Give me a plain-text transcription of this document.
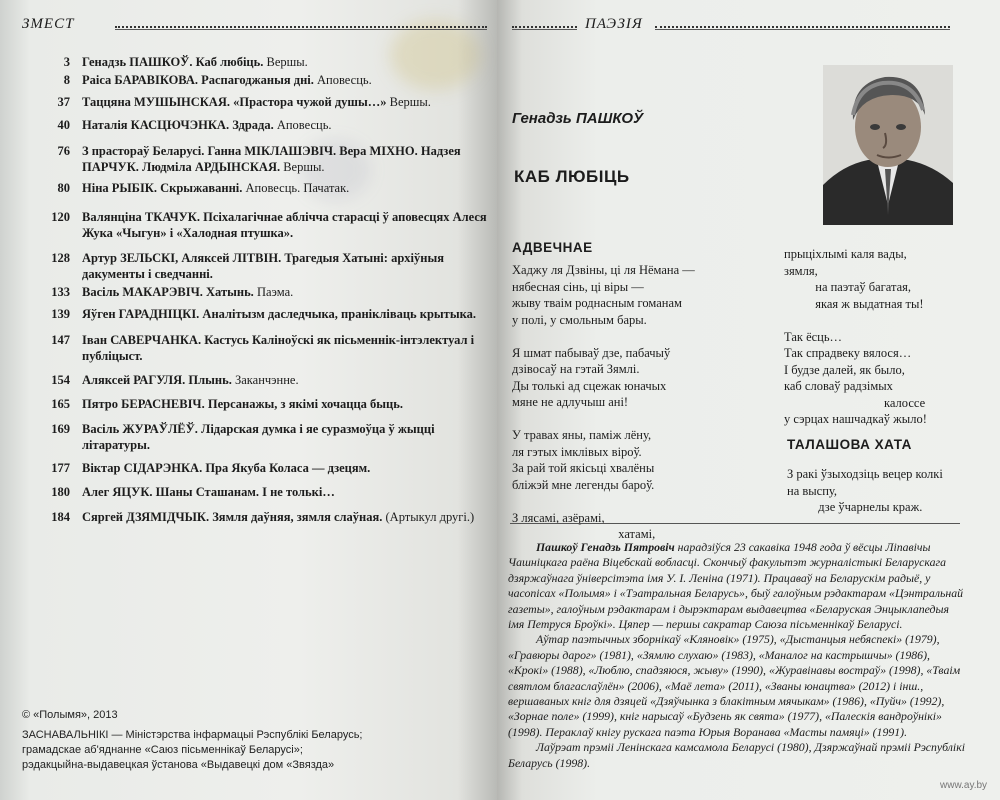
ЗМЕСТ
3 Генадзь ПАШКОЎ. Каб любіць. Вершы.
8 Раіса БАРАВІКОВА. Распагоджаныя дні. Аповесць.
37 Таццяна МУШЫНСКАЯ. «Прастора чужой душы…» Вершы.
40 Наталія КАСЦЮЧЭНКА. Здрада. Аповесць.
76 З прастораў Беларусі. Ганна МІКЛАШЭВІЧ. Вера МІХНО. Надзея ПАРЧУК. Людміла АРДЫНСКАЯ. Вершы.
80 Ніна РЫБІК. Скрыжаванні. Аповесць. Пачатак.
120 Валянціна ТКАЧУК. Псіхалагічнае абліччa старасці ў аповесцях Алеся Жука «Чыгун» і «Халодная птушка».
128 Артур ЗЕЛЬСКІ, Аляксей ЛІТВІН. Трагедыя Хатыні: архіўныя дакументы і сведчанні.
133 Васіль МАКАРЭВІЧ. Хатынь. Паэма.
139 Яўген ГАРАДНІЦКІ. Аналітызм даследчыка, пранікліваць крытыка.
147 Іван САВЕРЧАНКА. Кастусь Каліноўскі як пісьменнік-інтэлектуал і публіцыст.
154 Аляксей РАГУЛЯ. Плынь. Заканчэнне.
165 Пятро БЕРАСНЕВІЧ. Персанажы, з якімі хочацца быць.
169 Васіль ЖУРАЎЛЁЎ. Лідарская думка і яе суразмоўца ў жыцці літаратуры.
177 Віктар СІДАРЭНКА. Пра Якуба Коласа — дзецям.
180 Алег ЯЦУК. Шаны Сташанам. І не толькі…
184 Сяргей ДЗЯМІДЧЫК. Зямля даўняя, зямля слаўная. (Артыкул другі.)
© «Полымя», 2013
ЗАСНАВАЛЬНІКІ — Міністэрства інфармацыі Рэспублікі Беларусь;
грамадскае аб'яднанне «Саюз пісьменнікаў Беларусі»;
рэдакцыйна-выдавецкая ўстанова «Выдавецкі дом «Звязда»
ПАЭЗІЯ
Генадзь ПАШКОЎ
КАБ ЛЮБІЦЬ
АДВЕЧНАЕ
Хаджу ля Дзвіны, ці ля Нёмана —
нябесная сінь, ці віры —
жыву тваім роднасным гоманам
у полі, у смольным бары.
Я шмат пабываў дзе, пабачыў
дзівосаў на гэтай Зямлі.
Ды толькі ад сцежак юначых
мяне не адлучыш ані!
У травах яны, паміж лёну,
ля гэтых імклівых віроў.
За рай той якісьці хвалёны
бліжэй мне легенды бароў.
З лясамі, азёрамі,
хатамі,
прыціхлымі каля вады,
зямля,
на паэтаў багатая,
якая ж выдатная ты!
Так ёсць…
Так спрадвеку вялося…
І будзе далей, як было,
каб словаў радзімых
калоссе
у сэрцах нашчадкаў жыло!
ТАЛАШОВА ХАТА
З ракі ўзыходзіць вецер колкі
на выспу,
дзе ўчарнелы краж.

Пашкоў Генадзь Пятровіч нарадзіўся 23 сакавіка 1948 года ў вёсцы Ліпавічы Чашніцкага раёна Віцебскай вобласці. Скончыў факультэт журналістыкі Беларускага дзяржаўнага ўніверсітэта імя У. І. Леніна (1971). Працаваў на Беларускім радыё, у часопісах «Полымя» і «Тэатральная Беларусь», быў галоўным рэдактарам «Цэнтральнай газеты», галоўным рэдактарам і дырэктарам выдавецтва «Беларуская Энцыклапедыя імя Петруся Броўкі». Цяпер — першы сакратар Саюза пісьменнікаў Беларусі.

Аўтар паэтычных зборнікаў «Кляновік» (1975), «Дыстанцыя небяспекі» (1979), «Гравюры дарог» (1981), «Зямлю слухаю» (1983), «Маналог на кастрышчы» (1986), «Крокі» (1988), «Люблю, спадзяюся, жыву» (1990), «Журавінавы востраў» (1998), «Тваім святлом благаслаўлён» (2006), «Маё лета» (2011), «Званы юнацтва» (2012) і інш., вершаваных кніг для дзяцей «Дзяўчынка з блакітным мячыкам» (1986), «Пуйч» (1992), «Зорнае поле» (1999), кніг нарысаў «Будзень як свята» (1977), «Палескія вандроўнікі» (1998). Пераклаў кнігу рускага паэта Юрыя Воранава «Масты памяці» (1991).

Лаўрэат прэміі Ленінскага камсамола Беларусі (1980), Дзяржаўнай прэміі Рэспублікі Беларусь (1998).

www.ay.by
